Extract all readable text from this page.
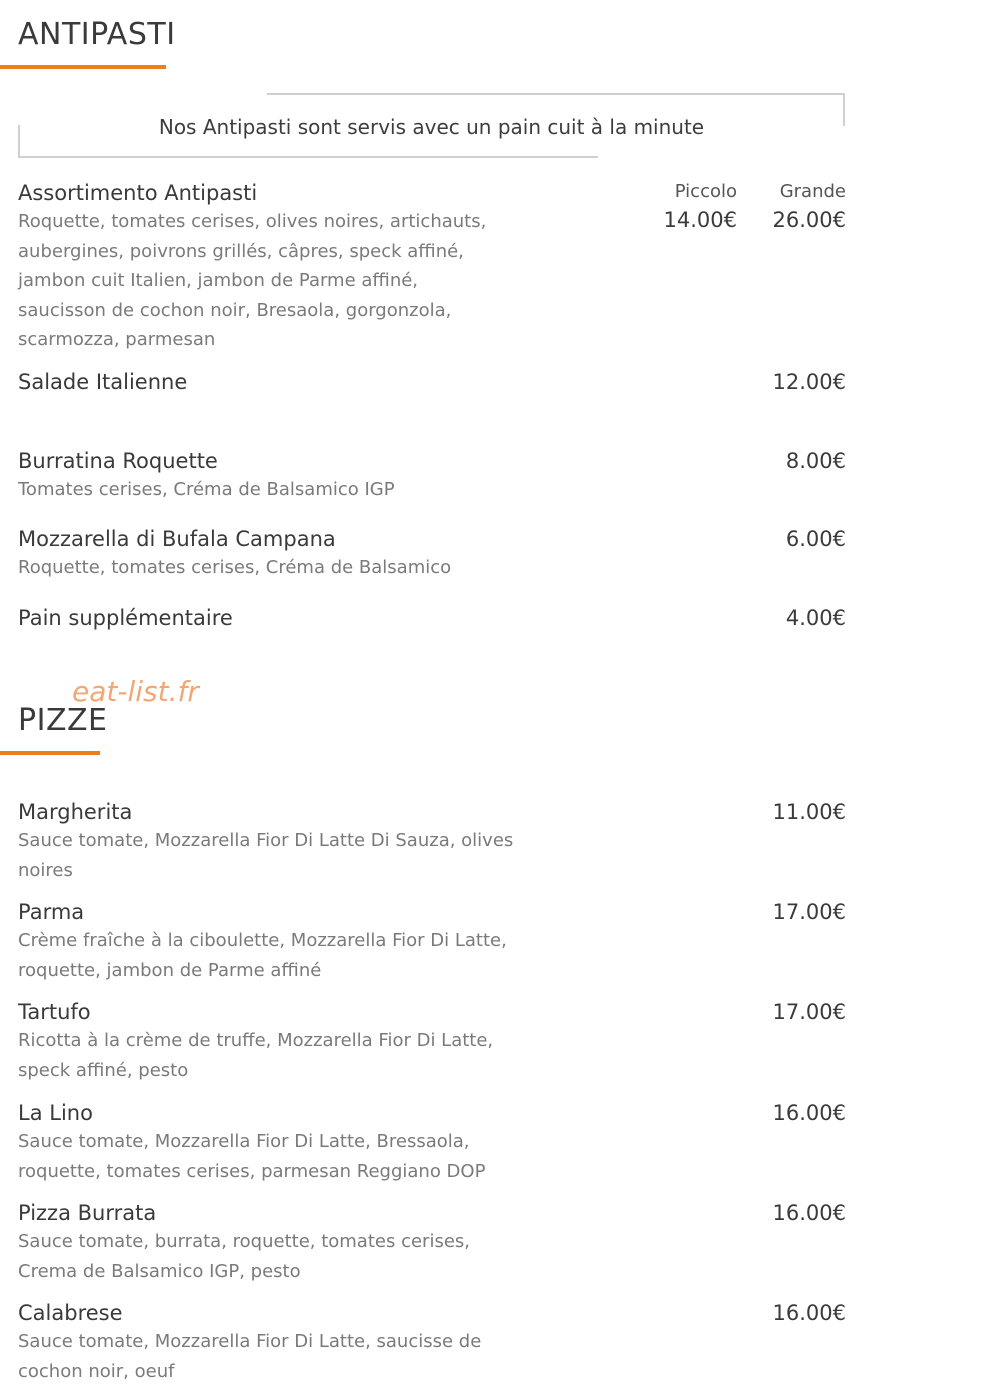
ANTIPASTI
Nos Antipasti sont servis avec un pain cuit à la minute
Assortimento Antipasti
Roquette, tomates cerises, olives noires, artichauts,
aubergines, poivrons grillés, câpres, speck affiné,
jambon cuit Italien, jambon de Parme affiné,
saucisson de cochon noir, Bresaola, gorgonzola,
scarmozza, parmesan
Piccolo
14.00€
Grande
26.00€
Salade Italienne	12.00€
Burratina Roquette
Tomates cerises, Créma de Balsamico IGP
8.00€
Mozzarella di Bufala Campana
Roquette, tomates cerises, Créma de Balsamico
6.00€
Pain supplémentaire	4.00€
eat-list.fr
PIZZE
Margherita
Sauce tomate, Mozzarella Fior Di Latte Di Sauza, olives
noires
11.00€
Parma
Crème fraîche à la ciboulette, Mozzarella Fior Di Latte,
roquette, jambon de Parme affiné
17.00€
Tartufo
Ricotta à la crème de truffe, Mozzarella Fior Di Latte,
speck affiné, pesto
17.00€
La Lino
Sauce tomate, Mozzarella Fior Di Latte, Bressaola,
roquette, tomates cerises, parmesan Reggiano DOP
16.00€
Pizza Burrata
Sauce tomate, burrata, roquette, tomates cerises,
Crema de Balsamico IGP, pesto
16.00€
Calabrese
Sauce tomate, Mozzarella Fior Di Latte, saucisse de
cochon noir, oeuf
16.00€
